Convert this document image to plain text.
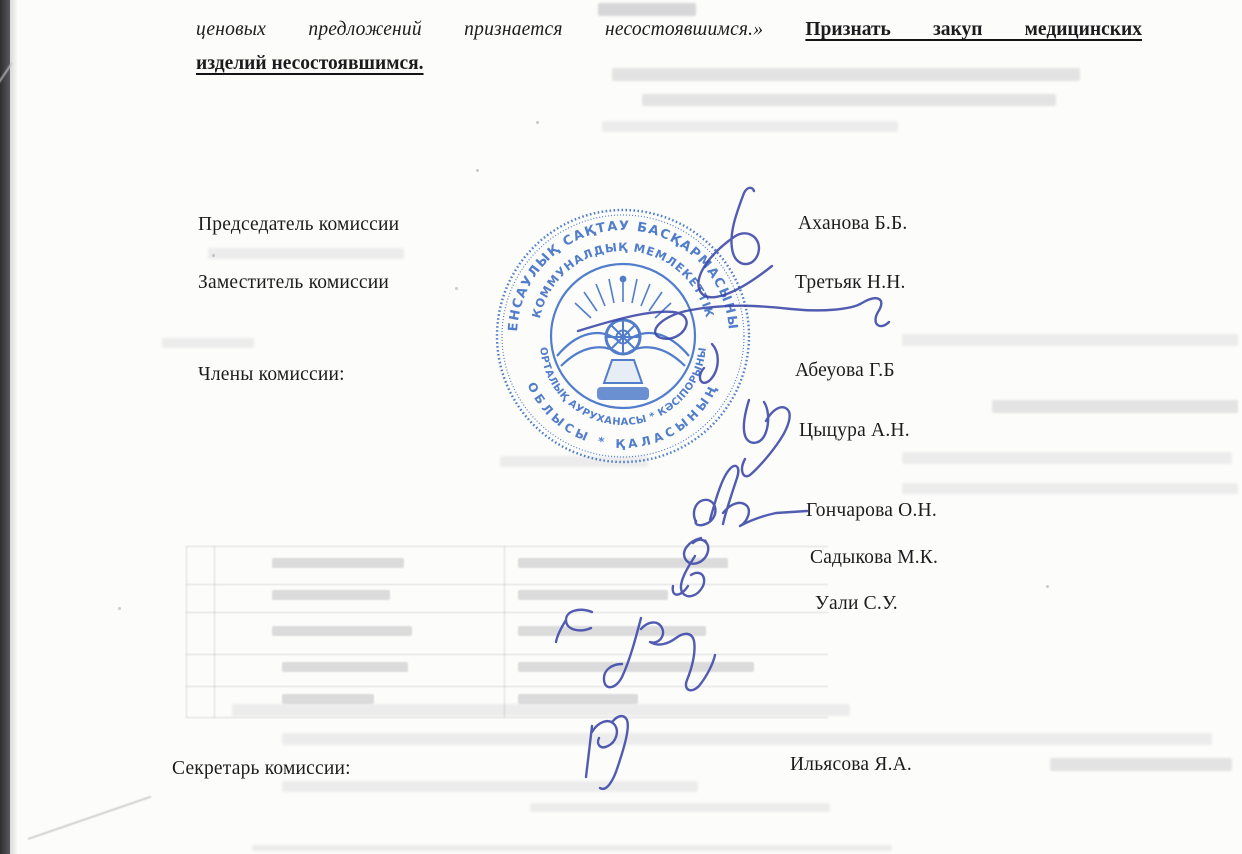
ценовых предложений признается несостоявшимся.» Признать закуп медицинских
изделий несостоявшимся.
Председатель комиссии
Заместитель комиссии
Члены комиссии:
Секретарь комиссии:
Аханова Б.Б.
Третьяк Н.Н.
Абеуова Г.Б
Цыцура А.Н.
Гончарова О.Н.
Садыкова М.К.
Уали С.У.
Ильясова Я.А.
ДЕНСАУЛЫҚ САҚТАУ БАСҚАРМАСЫНЫҢ
ОБЛЫСЫ * ҚАЛАСЫНЫҢ
КОММУНАЛДЫҚ МЕМЛЕКЕТТІК
ОРТАЛЫҚ АУРУХАНАСЫ * КӘСІПОРЫНЫ
